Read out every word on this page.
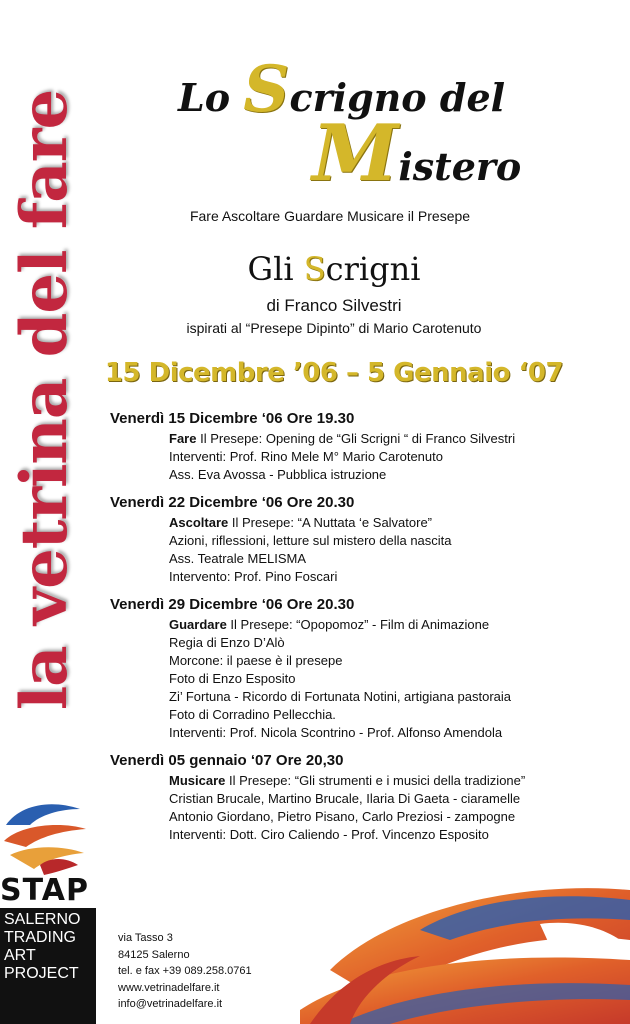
la vetrina del fare	Lo Scrigno del
Mistero
Fare Ascoltare Guardare Musicare il Presepe
Gli Scrigni
di Franco Silvestri
ispirati al “Presepe Dipinto” di Mario Carotenuto
15 Dicembre ’06 – 5 Gennaio ‘07
Venerdì 15 Dicembre ‘06 Ore 19.30
Fare Il Presepe: Opening de “Gli Scrigni “ di Franco Silvestri
Interventi: Prof. Rino Mele M° Mario Carotenuto
Ass. Eva Avossa - Pubblica istruzione
Venerdì 22 Dicembre ‘06 Ore 20.30
Ascoltare Il Presepe: “A Nuttata ‘e Salvatore”
Azioni, riflessioni, letture sul mistero della nascita
Ass. Teatrale MELISMA
Intervento: Prof. Pino Foscari
Venerdì 29 Dicembre ‘06 Ore 20.30
Guardare Il Presepe: “Opopomoz” - Film di Animazione
Regia di Enzo D’Alò
Morcone: il paese è il presepe
Foto di Enzo Esposito
Zi’ Fortuna - Ricordo di Fortunata Notini, artigiana pastoraia
Foto di Corradino Pellecchia.
Interventi: Prof. Nicola Scontrino - Prof. Alfonso Amendola
Venerdì 05 gennaio ‘07 Ore 20,30
Musicare Il Presepe: “Gli strumenti e i musici della tradizione”
Cristian Brucale, Martino Brucale, Ilaria Di Gaeta - ciaramelle
Antonio Giordano, Pietro Pisano, Carlo Preziosi - zampogne
Interventi: Dott. Ciro Caliendo - Prof. Vincenzo Esposito
STAP
SALERNO
TRADING
ART
PROJECT
via Tasso 3
84125 Salerno
tel. e fax +39 089.258.0761
www.vetrinadelfare.it
info@vetrinadelfare.it
